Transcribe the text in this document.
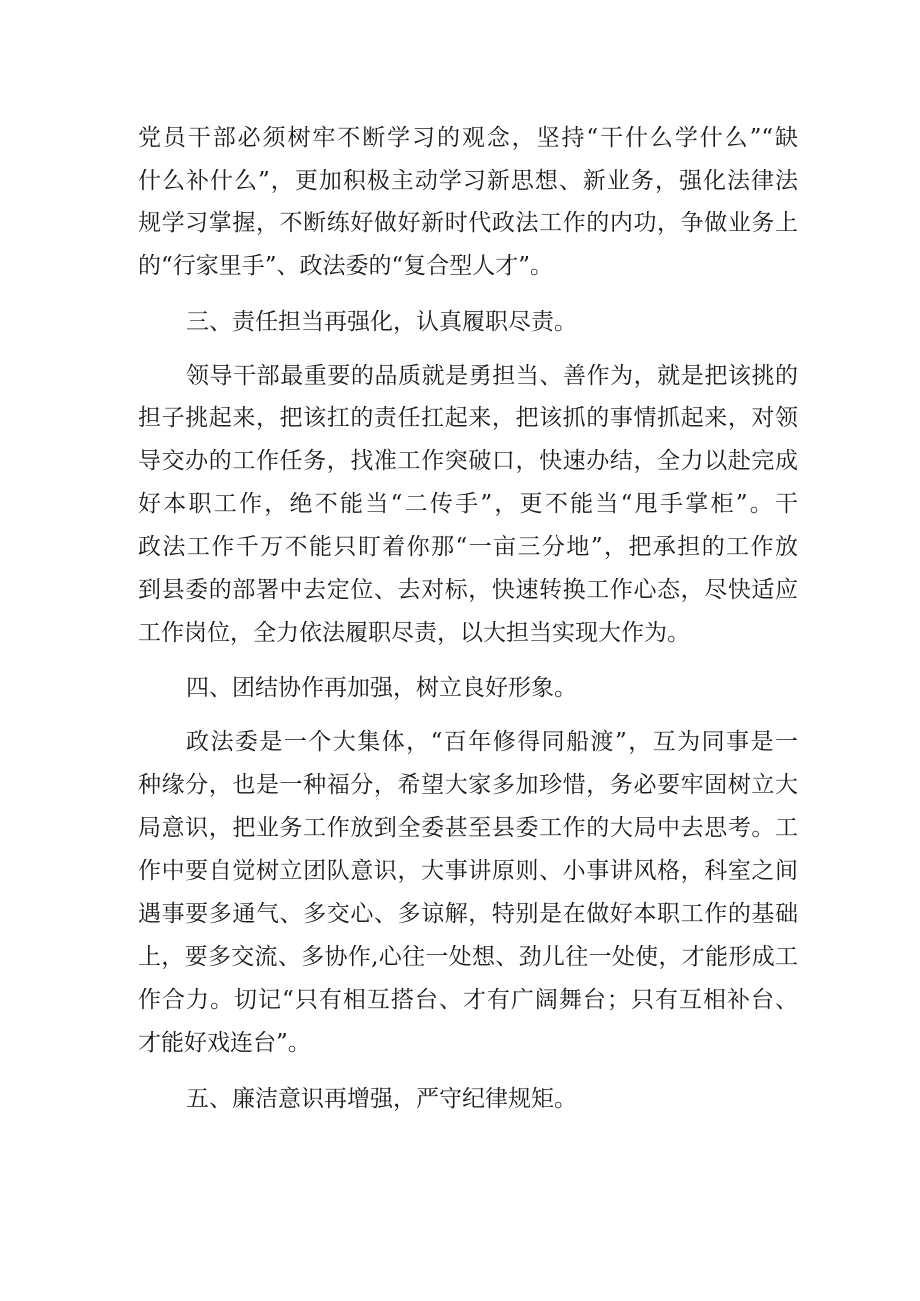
党员干部必须树牢不断学习的观念，坚持“干什么学什么”“缺
什么补什么”，更加积极主动学习新思想、新业务，强化法律法
规学习掌握，不断练好做好新时代政法工作的内功，争做业务上
的“行家里手”、政法委的“复合型人才”。
三、责任担当再强化，认真履职尽责。
领导干部最重要的品质就是勇担当、善作为，就是把该挑的
担子挑起来，把该扛的责任扛起来，把该抓的事情抓起来，对领
导交办的工作任务，找准工作突破口，快速办结，全力以赴完成
好本职工作，绝不能当“二传手”，更不能当“甩手掌柜”。干
政法工作千万不能只盯着你那“一亩三分地”，把承担的工作放
到县委的部署中去定位、去对标，快速转换工作心态，尽快适应
工作岗位，全力依法履职尽责，以大担当实现大作为。
四、团结协作再加强，树立良好形象。
政法委是一个大集体，“百年修得同船渡”，互为同事是一
种缘分，也是一种福分，希望大家多加珍惜，务必要牢固树立大
局意识，把业务工作放到全委甚至县委工作的大局中去思考。工
作中要自觉树立团队意识，大事讲原则、小事讲风格，科室之间
遇事要多通气、多交心、多谅解，特别是在做好本职工作的基础
上，要多交流、多协作,心往一处想、劲儿往一处使，才能形成工
作合力。切记“只有相互搭台、才有广阔舞台；只有互相补台、
才能好戏连台”。
五、廉洁意识再增强，严守纪律规矩。
